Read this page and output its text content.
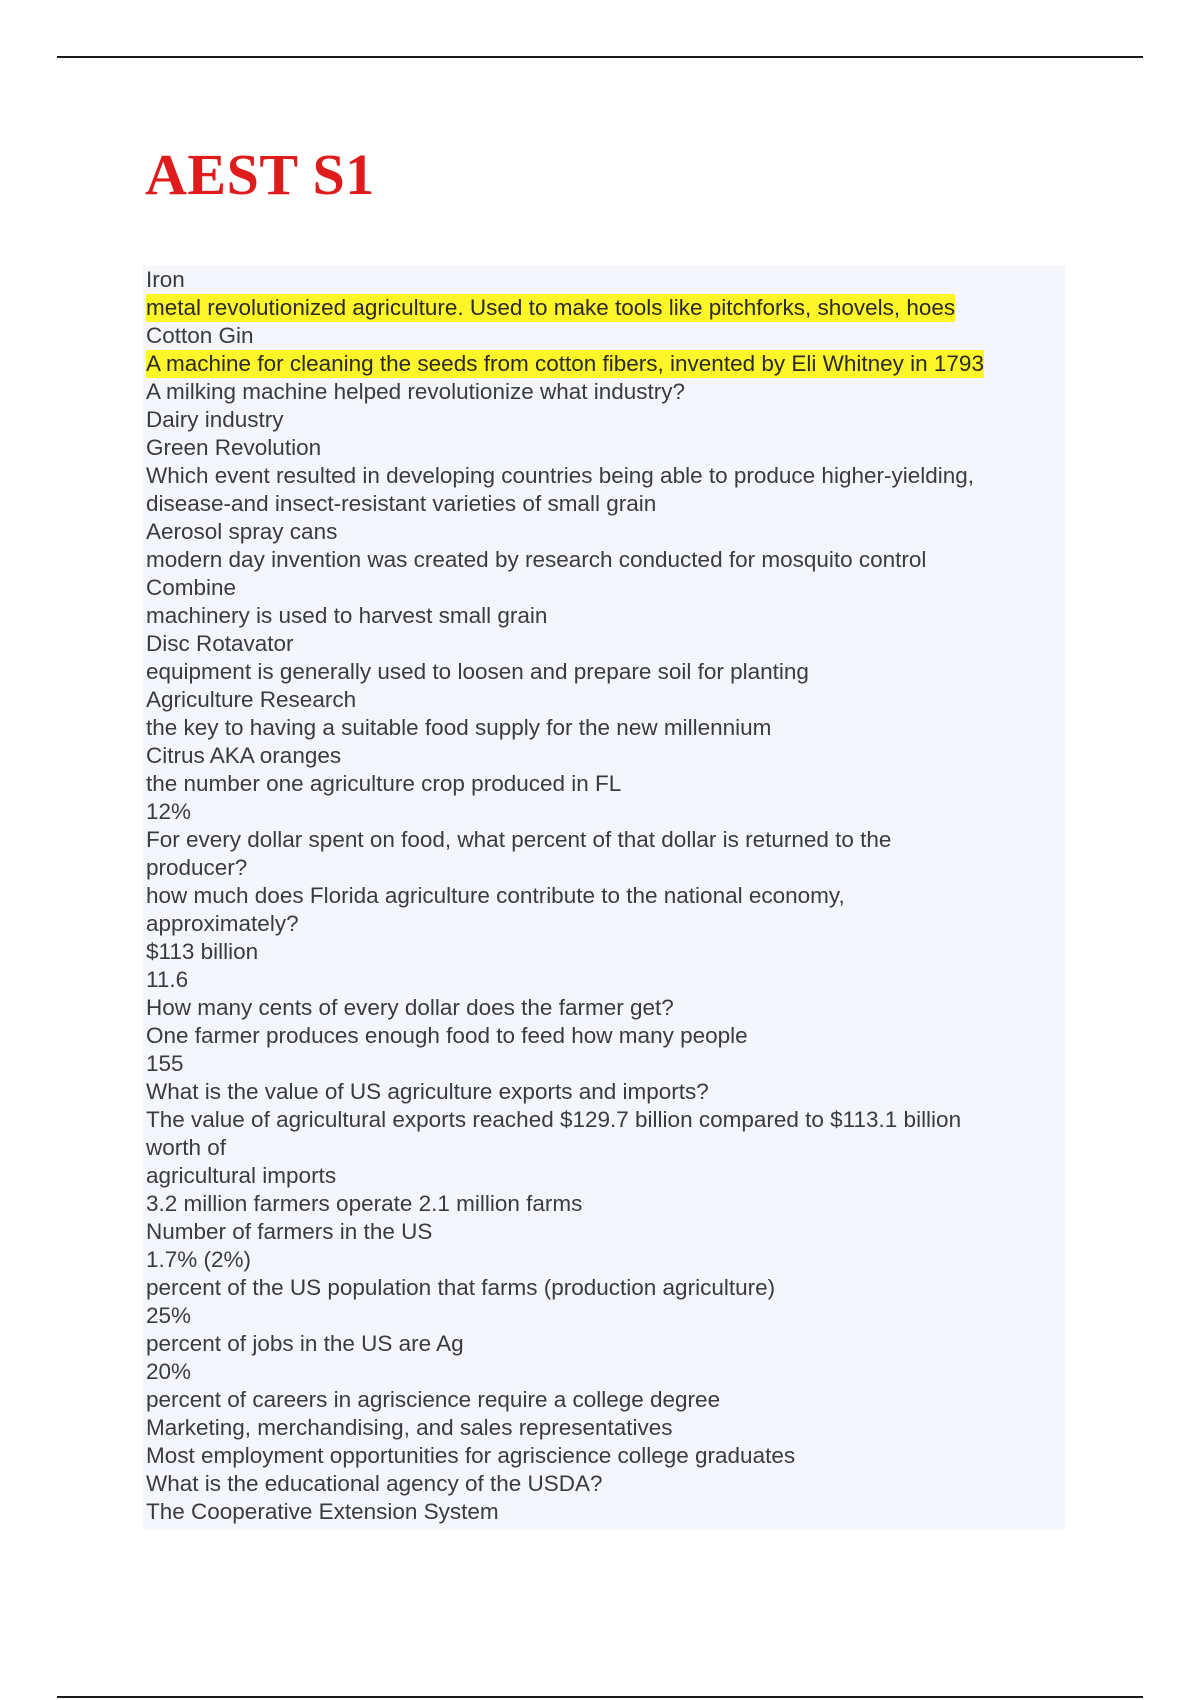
AEST S1
Iron
metal revolutionized agriculture. Used to make tools like pitchforks, shovels, hoes
Cotton Gin
A machine for cleaning the seeds from cotton fibers, invented by Eli Whitney in 1793
A milking machine helped revolutionize what industry?
Dairy industry
Green Revolution
Which event resulted in developing countries being able to produce higher-yielding,
disease-and insect-resistant varieties of small grain
Aerosol spray cans
modern day invention was created by research conducted for mosquito control
Combine
machinery is used to harvest small grain
Disc Rotavator
equipment is generally used to loosen and prepare soil for planting
Agriculture Research
the key to having a suitable food supply for the new millennium
Citrus AKA oranges
the number one agriculture crop produced in FL
12%
For every dollar spent on food, what percent of that dollar is returned to the
producer?
how much does Florida agriculture contribute to the national economy,
approximately?
$113 billion
11.6
How many cents of every dollar does the farmer get?
One farmer produces enough food to feed how many people
155
What is the value of US agriculture exports and imports?
The value of agricultural exports reached $129.7 billion compared to $113.1 billion
worth of
agricultural imports
3.2 million farmers operate 2.1 million farms
Number of farmers in the US
1.7% (2%)
percent of the US population that farms (production agriculture)
25%
percent of jobs in the US are Ag
20%
percent of careers in agriscience require a college degree
Marketing, merchandising, and sales representatives
Most employment opportunities for agriscience college graduates
What is the educational agency of the USDA?
The Cooperative Extension System
